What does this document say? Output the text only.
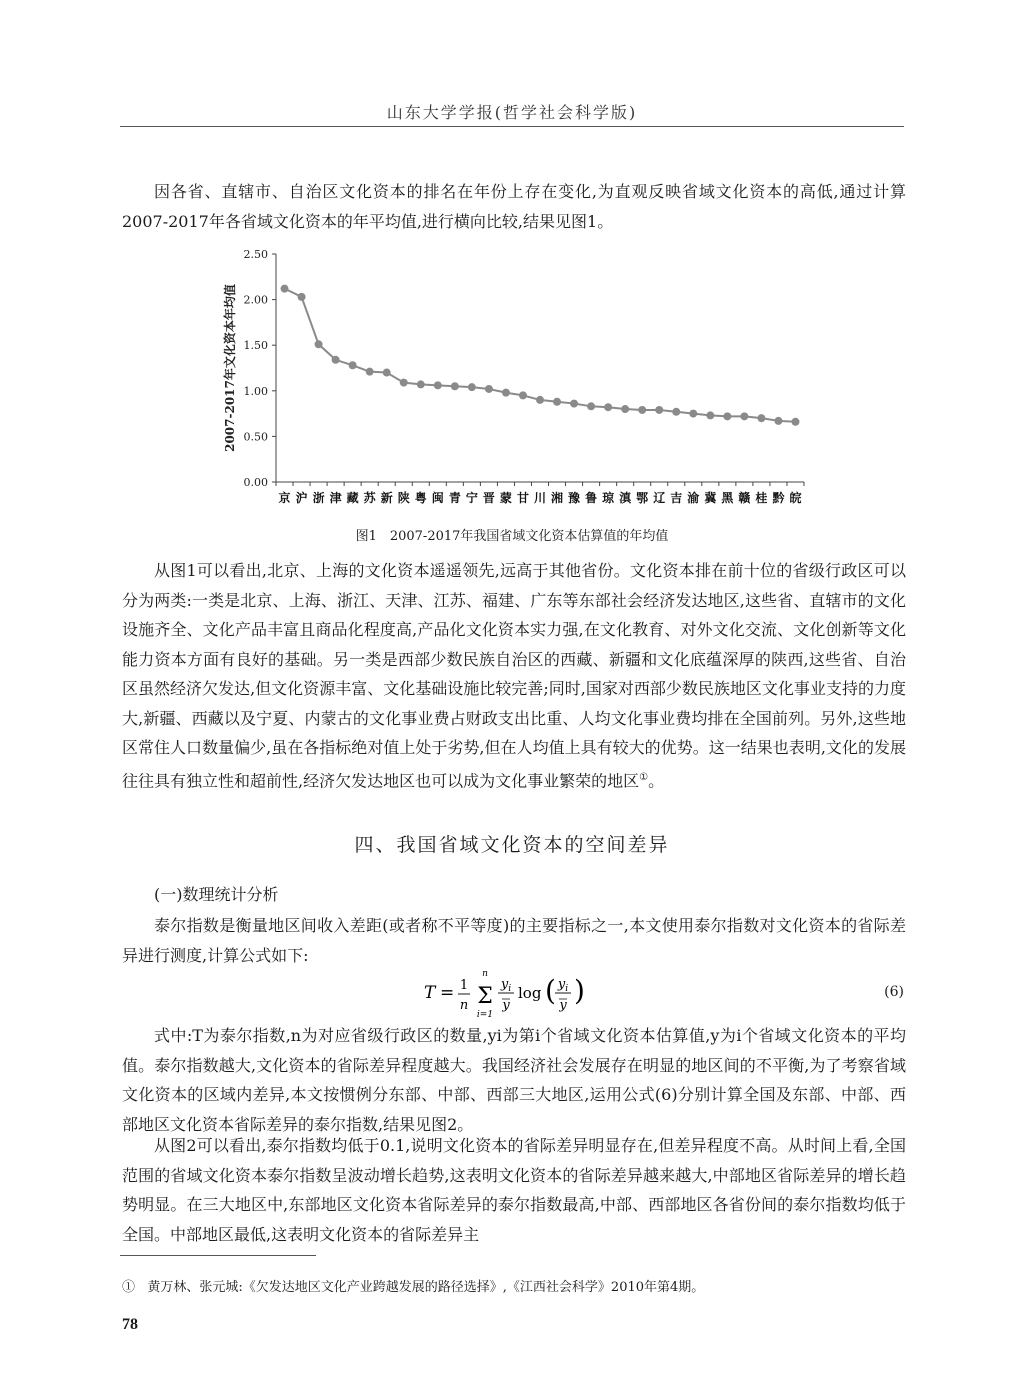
山东大学学报(哲学社会科学版)

因各省、直辖市、自治区文化资本的排名在年份上存在变化,为直观反映省域文化资本的高低,通过计算2007-2017年各省域文化资本的年平均值,进行横向比较,结果见图1。

0.00
0.50
1.00
1.50
2.00
2.50
2007-2017年文化资本年均值
京 沪 浙 津 藏 苏 新 陕 粤 闽 青 宁 晋 蒙 甘 川 湘 豫 鲁 琼 滇 鄂 辽 吉 渝 冀 黑 赣 桂 黔 皖
图1　2007-2017年我国省域文化资本估算值的年均值

从图1可以看出,北京、上海的文化资本遥遥领先,远高于其他省份。文化资本排在前十位的省级行政区可以分为两类:一类是北京、上海、浙江、天津、江苏、福建、广东等东部社会经济发达地区,这些省、直辖市的文化设施齐全、文化产品丰富且商品化程度高,产品化文化资本实力强,在文化教育、对外文化交流、文化创新等文化能力资本方面有良好的基础。另一类是西部少数民族自治区的西藏、新疆和文化底蕴深厚的陕西,这些省、自治区虽然经济欠发达,但文化资源丰富、文化基础设施比较完善;同时,国家对西部少数民族地区文化事业支持的力度大,新疆、西藏以及宁夏、内蒙古的文化事业费占财政支出比重、人均文化事业费均排在全国前列。另外,这些地区常住人口数量偏少,虽在各指标绝对值上处于劣势,但在人均值上具有较大的优势。这一结果也表明,文化的发展往往具有独立性和超前性,经济欠发达地区也可以成为文化事业繁荣的地区①。

四、我国省域文化资本的空间差异
(一)数理统计分析

泰尔指数是衡量地区间收入差距(或者称不平等度)的主要指标之一,本文使用泰尔指数对文化资本的省际差异进行测度,计算公式如下:

T = 1
n
n
Σ
i=1
$y_i$
y
log ( $y_i$
y )	(6)

式中:T为泰尔指数,n为对应省级行政区的数量,yi为第i个省域文化资本估算值,y为i个省域文化资本的平均值。泰尔指数越大,文化资本的省际差异程度越大。我国经济社会发展存在明显的地区间的不平衡,为了考察省域文化资本的区域内差异,本文按惯例分东部、中部、西部三大地区,运用公式(6)分别计算全国及东部、中部、西部地区文化资本省际差异的泰尔指数,结果见图2。

从图2可以看出,泰尔指数均低于0.1,说明文化资本的省际差异明显存在,但差异程度不高。从时间上看,全国范围的省域文化资本泰尔指数呈波动增长趋势,这表明文化资本的省际差异越来越大,中部地区省际差异的增长趋势明显。在三大地区中,东部地区文化资本省际差异的泰尔指数最高,中部、西部地区各省份间的泰尔指数均低于全国。中部地区最低,这表明文化资本的省际差异主

① 黄万林、张元城:《欠发达地区文化产业跨越发展的路径选择》,《江西社会科学》2010年第4期。
78
